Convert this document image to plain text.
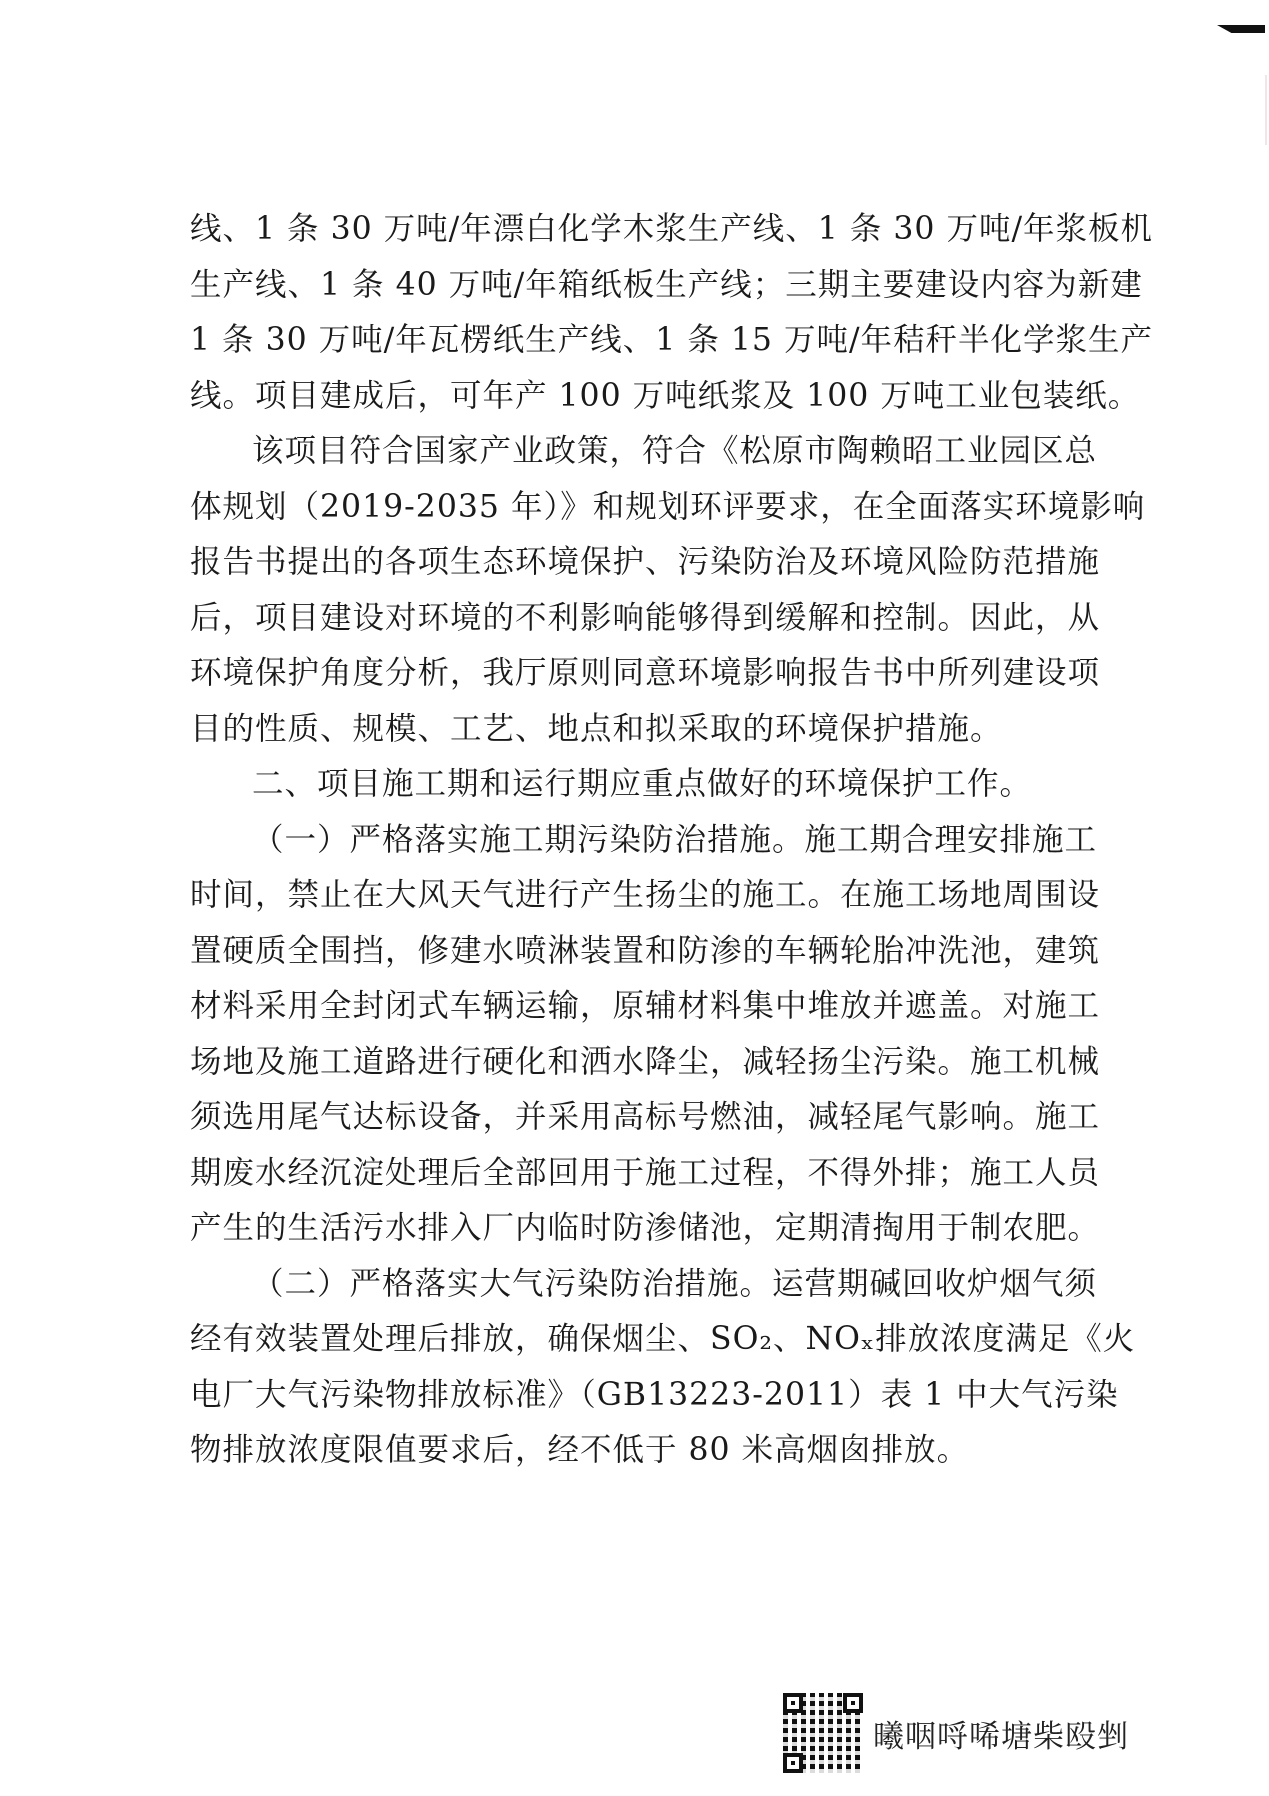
线、1 条 30 万吨/年漂白化学木浆生产线、1 条 30 万吨/年浆板机
生产线、1 条 40 万吨/年箱纸板生产线；三期主要建设内容为新建
1 条 30 万吨/年瓦楞纸生产线、1 条 15 万吨/年秸秆半化学浆生产
线。项目建成后，可年产 100 万吨纸浆及 100 万吨工业包装纸。
该项目符合国家产业政策，符合《松原市陶赖昭工业园区总
体规划（2019-2035 年）》和规划环评要求，在全面落实环境影响
报告书提出的各项生态环境保护、污染防治及环境风险防范措施
后，项目建设对环境的不利影响能够得到缓解和控制。因此，从
环境保护角度分析，我厅原则同意环境影响报告书中所列建设项
目的性质、规模、工艺、地点和拟采取的环境保护措施。
二、项目施工期和运行期应重点做好的环境保护工作。
（一）严格落实施工期污染防治措施。施工期合理安排施工
时间，禁止在大风天气进行产生扬尘的施工。在施工场地周围设
置硬质全围挡，修建水喷淋装置和防渗的车辆轮胎冲洗池，建筑
材料采用全封闭式车辆运输，原辅材料集中堆放并遮盖。对施工
场地及施工道路进行硬化和洒水降尘，减轻扬尘污染。施工机械
须选用尾气达标设备，并采用高标号燃油，减轻尾气影响。施工
期废水经沉淀处理后全部回用于施工过程，不得外排；施工人员
产生的生活污水排入厂内临时防渗储池，定期清掏用于制农肥。
（二）严格落实大气污染防治措施。运营期碱回收炉烟气须
经有效装置处理后排放，确保烟尘、SO₂、NOₓ排放浓度满足《火
电厂大气污染物排放标准》（GB13223-2011）表 1 中大气污染
物排放浓度限值要求后，经不低于 80 米高烟囱排放。
曦咽哷唏塘柴殴剉
